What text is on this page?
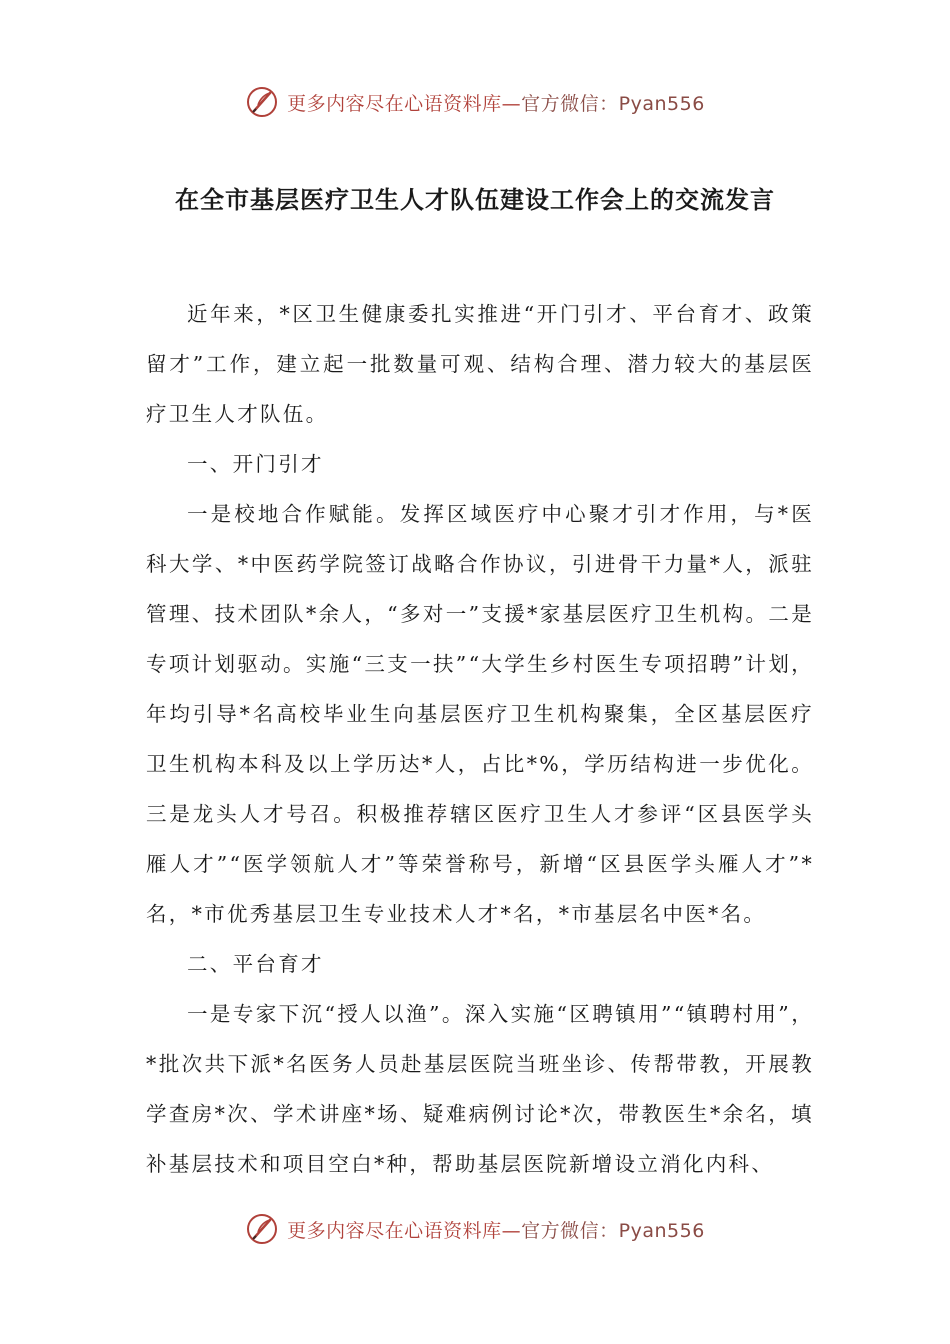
更多内容尽在心语资料库—官方微信：Pyan556
在全市基层医疗卫生人才队伍建设工作会上的交流发言

近年来，*区卫生健康委扎实推进“开门引才、平台育才、政策留才”工作，建立起一批数量可观、结构合理、潜力较大的基层医疗卫生人才队伍。

一、开门引才

一是校地合作赋能。发挥区域医疗中心聚才引才作用，与*医科大学、*中医药学院签订战略合作协议，引进骨干力量*人，派驻管理、技术团队*余人，“多对一”支援*家基层医疗卫生机构。二是专项计划驱动。实施“三支一扶”“大学生乡村医生专项招聘”计划，年均引导*名高校毕业生向基层医疗卫生机构聚集，全区基层医疗卫生机构本科及以上学历达*人，占比*%，学历结构进一步优化。三是龙头人才号召。积极推荐辖区医疗卫生人才参评“区县医学头雁人才”“医学领航人才”等荣誉称号，新增“区县医学头雁人才”*名，*市优秀基层卫生专业技术人才*名，*市基层名中医*名。

二、平台育才

一是专家下沉“授人以渔”。深入实施“区聘镇用”“镇聘村用”，*批次共下派*名医务人员赴基层医院当班坐诊、传帮带教，开展教学查房*次、学术讲座*场、疑难病例讨论*次，带教医生*余名，填补基层技术和项目空白*种，帮助基层医院新增设立消化内科、

更多内容尽在心语资料库—官方微信：Pyan556
